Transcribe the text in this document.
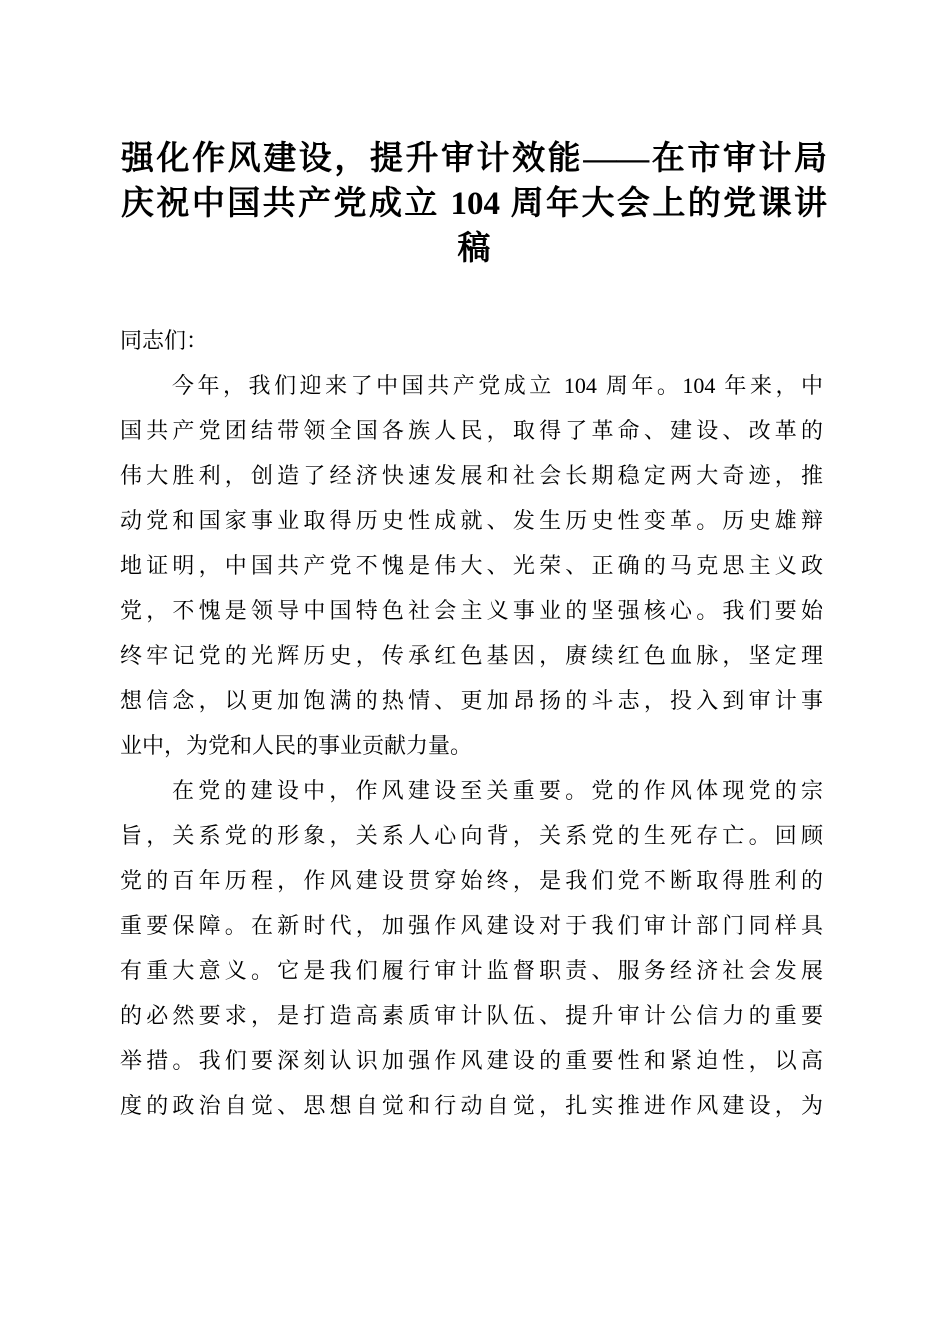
强化作风建设，提升审计效能——在市审计局
庆祝中国共产党成立 104 周年大会上的党课讲
稿
同志们：
今年，我们迎来了中国共产党成立 104 周年。104 年来，中
国共产党团结带领全国各族人民，取得了革命、建设、改革的
伟大胜利，创造了经济快速发展和社会长期稳定两大奇迹，推
动党和国家事业取得历史性成就、发生历史性变革。历史雄辩
地证明，中国共产党不愧是伟大、光荣、正确的马克思主义政
党，不愧是领导中国特色社会主义事业的坚强核心。我们要始
终牢记党的光辉历史，传承红色基因，赓续红色血脉，坚定理
想信念，以更加饱满的热情、更加昂扬的斗志，投入到审计事
业中，为党和人民的事业贡献力量。
在党的建设中，作风建设至关重要。党的作风体现党的宗
旨，关系党的形象，关系人心向背，关系党的生死存亡。回顾
党的百年历程，作风建设贯穿始终，是我们党不断取得胜利的
重要保障。在新时代，加强作风建设对于我们审计部门同样具
有重大意义。它是我们履行审计监督职责、服务经济社会发展
的必然要求，是打造高素质审计队伍、提升审计公信力的重要
举措。我们要深刻认识加强作风建设的重要性和紧迫性，以高
度的政治自觉、思想自觉和行动自觉，扎实推进作风建设，为
